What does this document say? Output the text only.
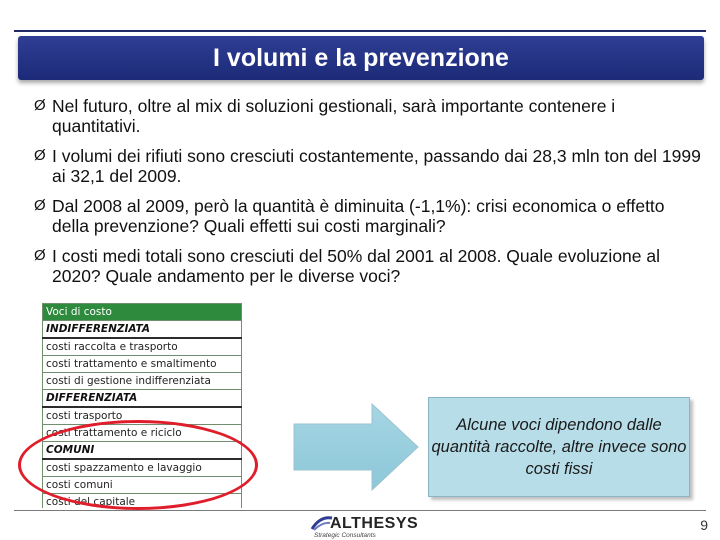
I volumi e la prevenzione
Ø Nel futuro, oltre al mix di soluzioni gestionali, sarà importante contenere i quantitativi.
Ø I volumi dei rifiuti sono cresciuti costantemente, passando dai 28,3 mln ton del 1999 ai 32,1 del 2009.
Ø Dal 2008 al 2009, però la quantità è diminuita (-1,1%): crisi economica o effetto della prevenzione? Quali effetti sui costi marginali?
Ø I costi medi totali sono cresciuti del 50% dal 2001 al 2008. Quale evoluzione al 2020? Quale andamento per le diverse voci?
Voci di costo
INDIFFERENZIATA
costi raccolta e trasporto
costi trattamento e smaltimento
costi di gestione indifferenziata
DIFFERENZIATA
costi trasporto
costi trattamento e riciclo
COMUNI
costi spazzamento e lavaggio
costi comuni
costi del capitale
Alcune voci dipendono dalle quantità raccolte, altre invece sono costi fissi
ALTHESYS
Strategic Consultants
9
